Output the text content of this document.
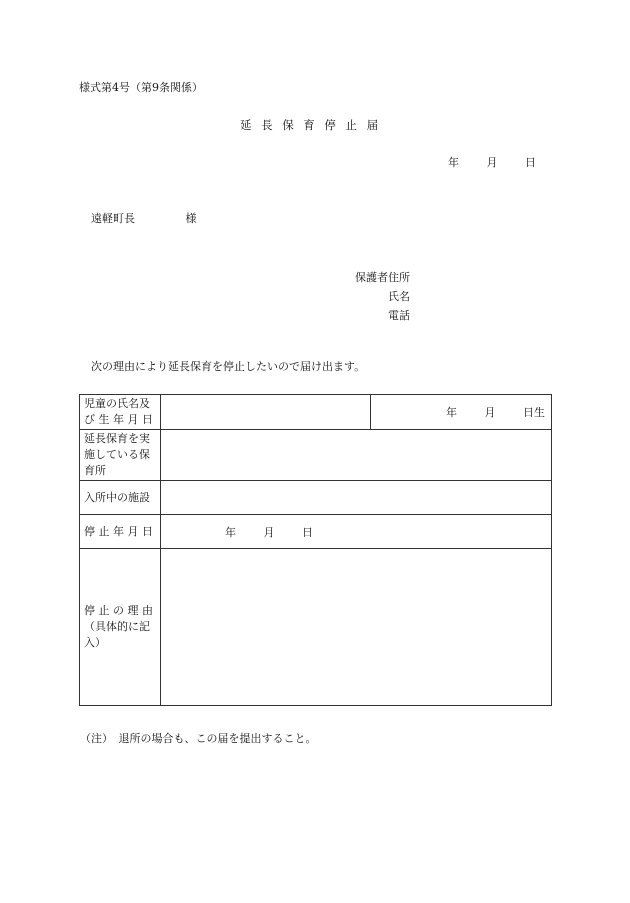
様式第4号（第9条関係）
延長保育停止届
年	月	日
遠軽町長	様
保護者住所
氏名
電話
次の理由により延長保育を停止したいので届け出ます。
児童の氏名及
び 生 年 月 日		年 月 日生

延長保育を実
施している保
育所		

入所中の施設		
停 止 年 月 日	年 月 日	

停 止 の 理 由
（具体的に記
入）		

（注）　退所の場合も、この届を提出すること。
